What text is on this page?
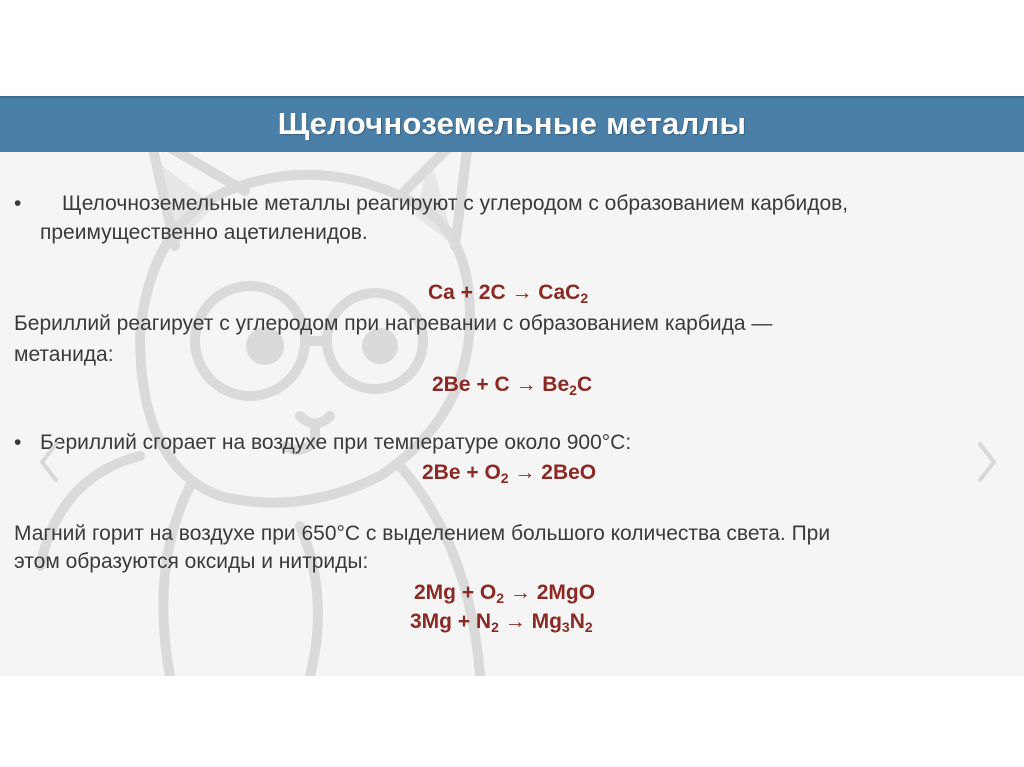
Щелочноземельные металлы
• Щелочноземельные металлы реагируют с углеродом с образованием карбидов,
преимущественно ацетиленидов.
Ca + 2C → CaC$_2$
Бериллий реагирует с углеродом при нагревании с образованием карбида —
метанида:
$2Be + C \to Be_2C$
• Бериллий сгорает на воздухе при температуре около 900°C:
$2Be + O_2 \to 2BeO$
Магний горит на воздухе при 650°С с выделением большого количества света. При
этом образуются оксиды и нитриды:
$2Mg + O_2 \to 2MgO$
$3Mg + N_2 \to Mg_3N_2$
